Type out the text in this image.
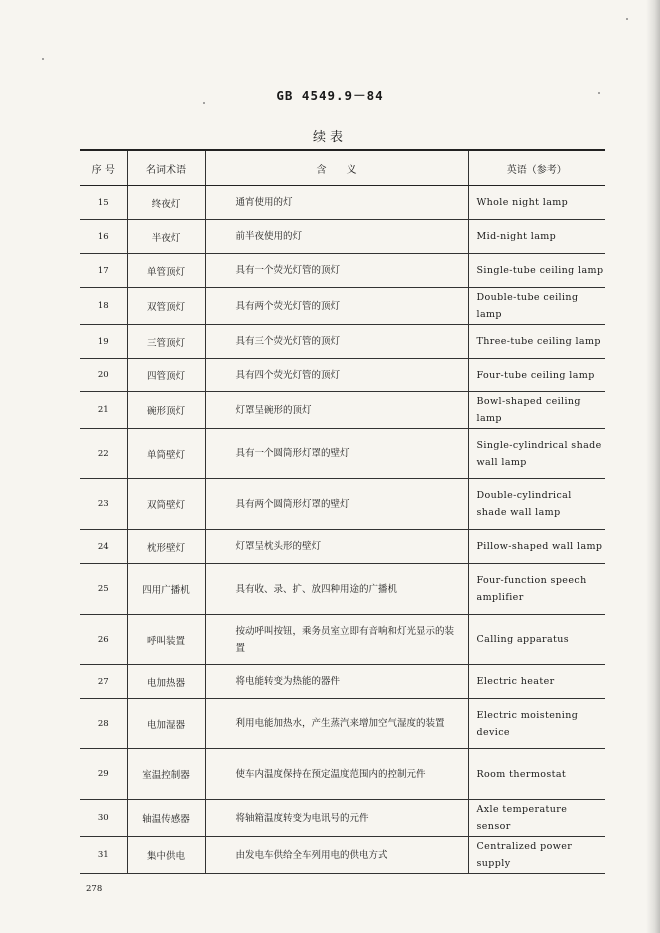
GB 4549.9－84
续表
序 号	名词术语	含　　义	英语（参考）
15	终夜灯	通宵使用的灯	Whole night lamp
16	半夜灯	前半夜使用的灯	Mid-night lamp
17	单管顶灯	具有一个荧光灯管的顶灯	Single-tube ceiling lamp
18	双管顶灯	具有两个荧光灯管的顶灯	Double-tube ceiling lamp
19	三管顶灯	具有三个荧光灯管的顶灯	Three-tube ceiling lamp
20	四管顶灯	具有四个荧光灯管的顶灯	Four-tube ceiling lamp
21	碗形顶灯	灯罩呈碗形的顶灯	Bowl-shaped ceiling lamp
22	单筒壁灯	具有一个圆筒形灯罩的壁灯	Single-cylindrical shade wall lamp
23	双筒壁灯	具有两个圆筒形灯罩的壁灯	Double-cylindrical shade wall lamp
24	枕形壁灯	灯罩呈枕头形的壁灯	Pillow-shaped wall lamp
25	四用广播机	具有收、录、扩、放四种用途的广播机	Four-function speech amplifier
26	呼叫装置	按动呼叫按钮，乘务员室立即有音响和灯光显示的装置	Calling apparatus
27	电加热器	将电能转变为热能的器件	Electric heater
28	电加湿器	利用电能加热水，产生蒸汽来增加空气湿度的装置	Electric moistening device
29	室温控制器	使车内温度保持在预定温度范围内的控制元件	Room thermostat
30	轴温传感器	将轴箱温度转变为电讯号的元件	Axle temperature sensor
31	集中供电	由发电车供给全车列用电的供电方式	Centralized power supply
278
